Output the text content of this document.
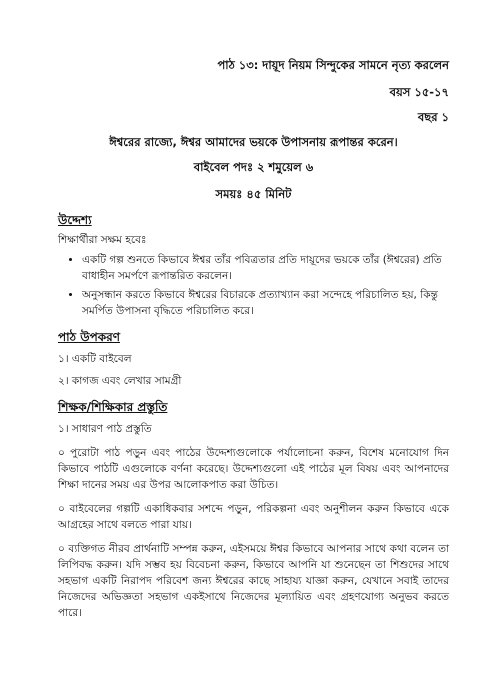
পাঠ ১৩: দায়ূদ নিয়ম সিন্দুকের সামনে নৃত্য করলেন
বয়স ১৫-১৭
বছর ১
ঈশ্বরের রাজ্যে, ঈশ্বর আমাদের ভয়কে উপাসনায় রূপান্তর করেন।
বাইবেল পদঃ ২ শমুয়েল ৬
সময়ঃ ৪৫ মিনিট
উদ্দেশ্য
শিক্ষার্থীরা সক্ষম হবেঃ
• একটি গল্প শুনতে কিভাবে ঈশ্বর তাঁর পবিত্রতার প্রতি দায়ূদের ভয়কে তাঁর (ঈশ্বরের) প্রতি বাধাহীন সমর্পণে রূপান্তরিত করলেন।
• অনুসন্ধান করতে কিভাবে ঈশ্বরের বিচারকে প্রত্যাখ্যান করা সন্দেহে পরিচালিত হয়, কিন্তু সমর্পিত উপাসনা বৃদ্ধিতে পরিচালিত করে।
পাঠ উপকরণ
১। একটি বাইবেল
২। কাগজ এবং লেখার সামগ্রী
শিক্ষক/শিক্ষিকার প্রস্তুতি
১। সাধারণ পাঠ প্রস্তুতি
০ পুরোটা পাঠ পড়ুন এবং পাঠের উদ্দেশ্যগুলোকে পর্যালোচনা করুন, বিশেষ মনোযোগ দিন কিভাবে পাঠটি এগুলোকে বর্ণনা করেছে। উদ্দেশ্যগুলো এই পাঠের মূল বিষয় এবং আপনাদের শিক্ষা দানের সময় এর উপর আলোকপাত করা উচিত।
০ বাইবেলের গল্পটি একাধিকবার সশব্দে পড়ুন, পরিকল্পনা এবং অনুশীলন করুন কিভাবে একে আগ্রহের সাথে বলতে পারা যায়।
০ ব্যক্তিগত নীরব প্রার্থনাটি সম্পন্ন করুন, এইসময়ে ঈশ্বর কিভাবে আপনার সাথে কথা বলেন তা লিপিবদ্ধ করুন। যদি সম্ভব হয় বিবেচনা করুন, কিভাবে আপনি যা শুনেছেন তা শিশুদের সাথে সহভাগ একটি নিরাপদ পরিবেশ জন্য ঈশ্বরের কাছে সাহায্য যাজ্ঞা করুন, যেখানে সবাই তাদের নিজেদের অভিজ্ঞতা সহভাগ একইসাথে নিজেদের মূল্যায়িত এবং গ্রহণযোগ্য অনুভব করতে পারে।
